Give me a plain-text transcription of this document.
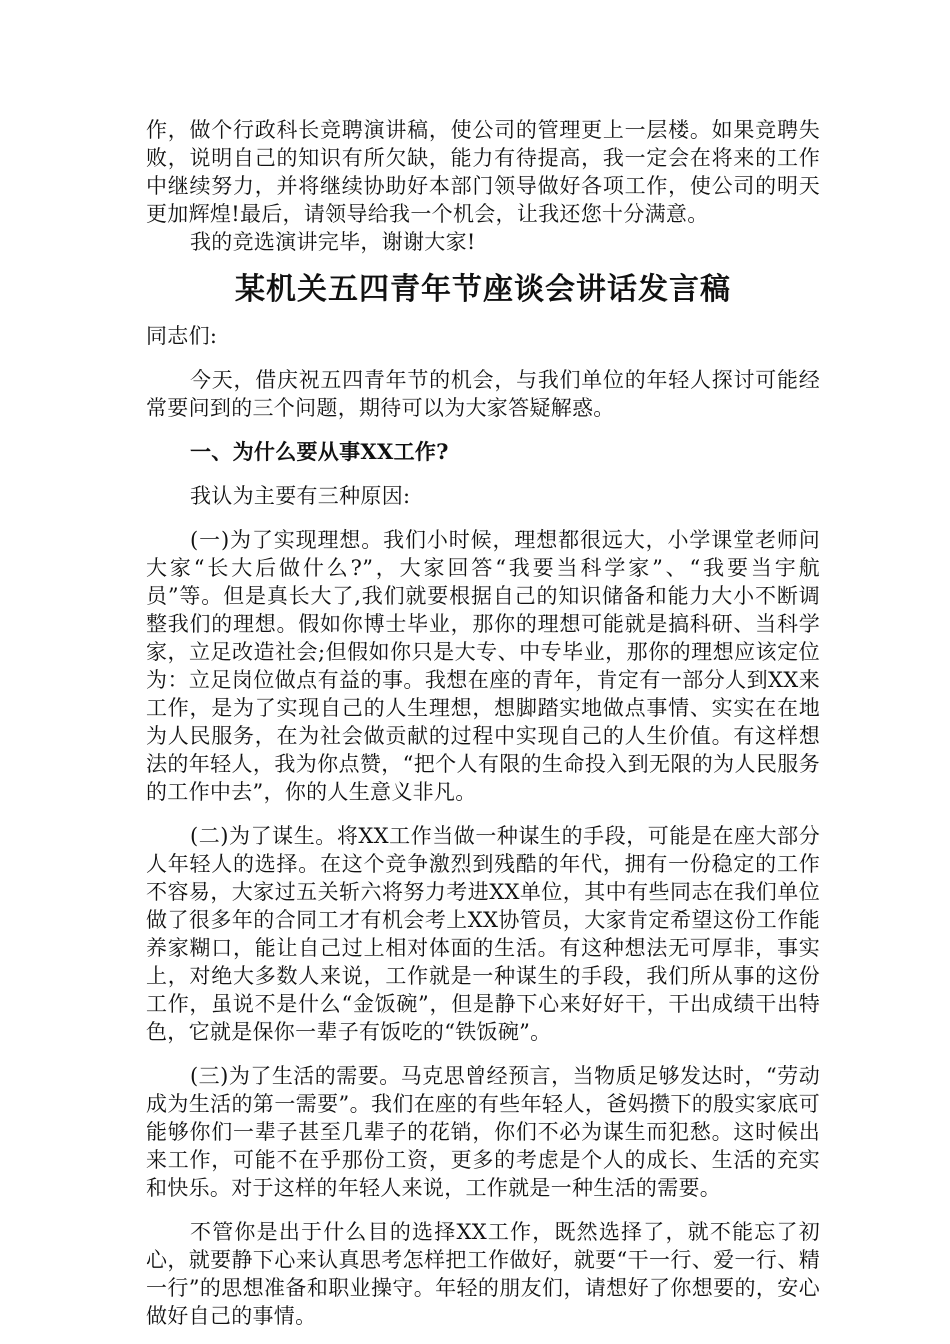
作，做个行政科长竞聘演讲稿，使公司的管理更上一层楼。如果竞聘失败，说明自己的知识有所欠缺，能力有待提高，我一定会在将来的工作中继续努力，并将继续协助好本部门领导做好各项工作，使公司的明天更加辉煌!最后，请领导给我一个机会，让我还您十分满意。

我的竞选演讲完毕，谢谢大家!

某机关五四青年节座谈会讲话发言稿

同志们:

今天，借庆祝五四青年节的机会，与我们单位的年轻人探讨可能经常要问到的三个问题，期待可以为大家答疑解惑。

一、为什么要从事XX工作?

我认为主要有三种原因:

(一)为了实现理想。我们小时候，理想都很远大，小学课堂老师问大家“长大后做什么?”，大家回答“我要当科学家”、“我要当宇航员”等。但是真长大了,我们就要根据自己的知识储备和能力大小不断调整我们的理想。假如你博士毕业，那你的理想可能就是搞科研、当科学家，立足改造社会;但假如你只是大专、中专毕业，那你的理想应该定位为：立足岗位做点有益的事。我想在座的青年，肯定有一部分人到XX来工作，是为了实现自己的人生理想，想脚踏实地做点事情、实实在在地为人民服务，在为社会做贡献的过程中实现自己的人生价值。有这样想法的年轻人，我为你点赞，“把个人有限的生命投入到无限的为人民服务的工作中去”，你的人生意义非凡。

(二)为了谋生。将XX工作当做一种谋生的手段，可能是在座大部分人年轻人的选择。在这个竞争激烈到残酷的年代，拥有一份稳定的工作不容易，大家过五关斩六将努力考进XX单位，其中有些同志在我们单位做了很多年的合同工才有机会考上XX协管员，大家肯定希望这份工作能养家糊口，能让自己过上相对体面的生活。有这种想法无可厚非，事实上，对绝大多数人来说，工作就是一种谋生的手段，我们所从事的这份工作，虽说不是什么“金饭碗”，但是静下心来好好干，干出成绩干出特色，它就是保你一辈子有饭吃的“铁饭碗”。

(三)为了生活的需要。马克思曾经预言，当物质足够发达时，“劳动成为生活的第一需要”。我们在座的有些年轻人，爸妈攒下的殷实家底可能够你们一辈子甚至几辈子的花销，你们不必为谋生而犯愁。这时候出来工作，可能不在乎那份工资，更多的考虑是个人的成长、生活的充实和快乐。对于这样的年轻人来说，工作就是一种生活的需要。

不管你是出于什么目的选择XX工作，既然选择了，就不能忘了初心，就要静下心来认真思考怎样把工作做好，就要“干一行、爱一行、精一行”的思想准备和职业操守。年轻的朋友们，请想好了你想要的，安心做好自己的事情。
